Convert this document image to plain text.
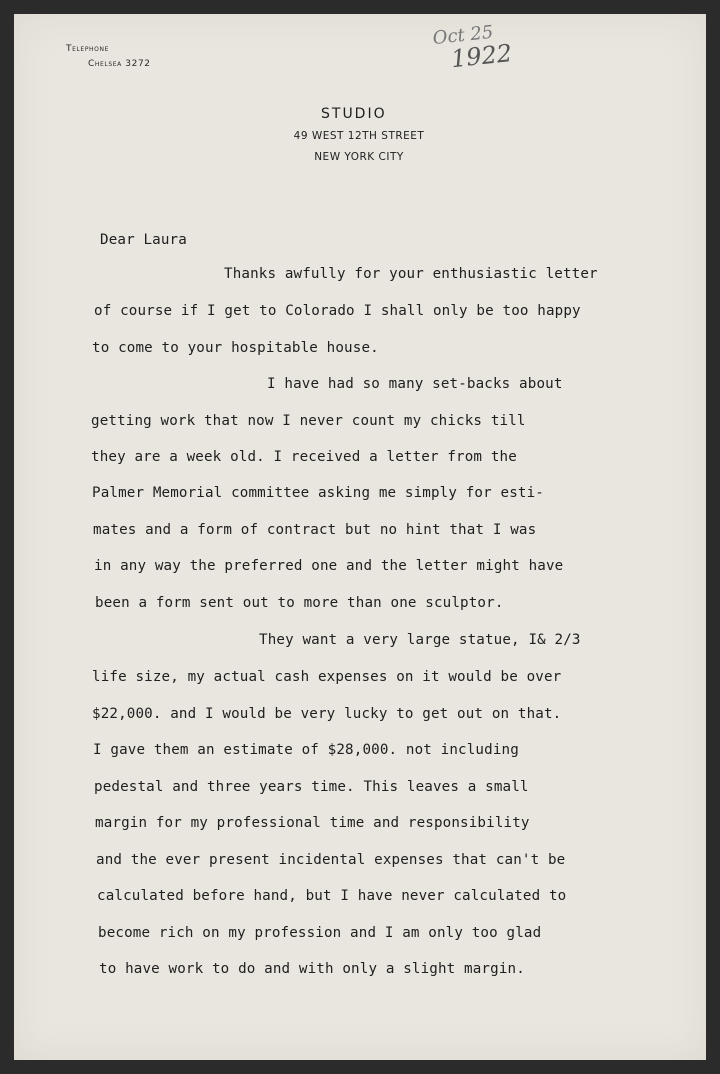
Telephone
Chelsea 3272
Oct 25
1922
STUDIO
49 WEST 12TH STREET
NEW YORK CITY
Dear Laura
Thanks awfully for your enthusiastic letter
of course if I get to Colorado I shall only be too happy
to come to your hospitable house.
I have had so many set-backs about
getting work that now I never count my chicks till
they are a week old. I received a letter from the
Palmer Memorial committee asking me simply for esti-
mates and a form of contract but no hint that I was
in any way the preferred one and the letter might have
been a form sent out to more than one sculptor.
They want a very large statue, I& 2/3
life size, my actual cash expenses on it would be over
$22,000. and I would be very lucky to get out on that.
I gave them an estimate of $28,000. not including
pedestal and three years time. This leaves a small
margin for my professional time and responsibility
and the ever present incidental expenses that can't be
calculated before hand, but I have never calculated to
become rich on my profession and I am only too glad
to have work to do and with only a slight margin.
